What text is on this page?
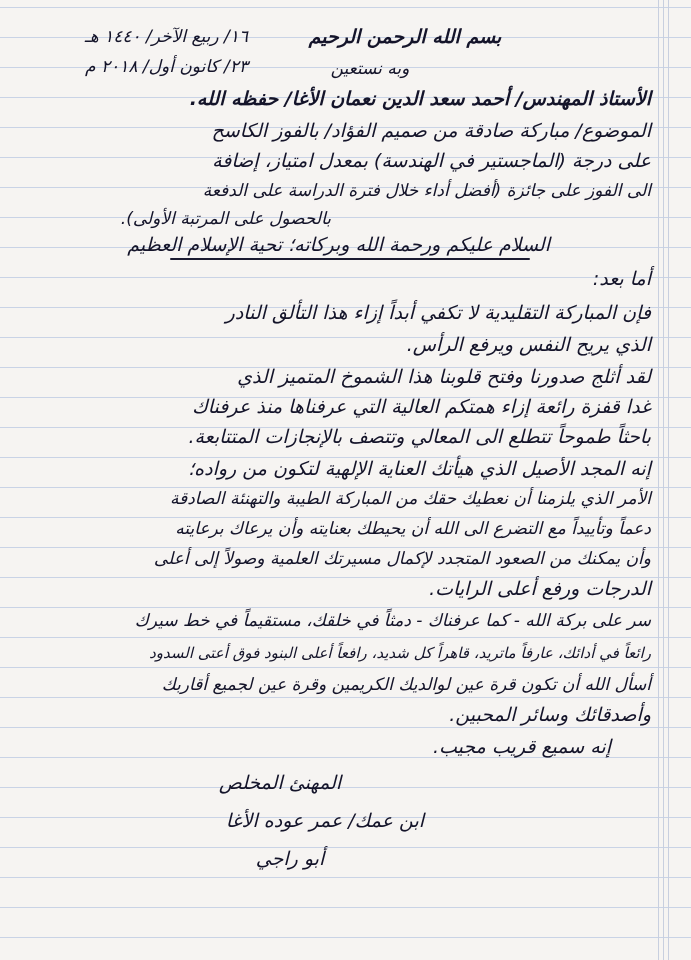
بسم الله الرحمن الرحيم
وبه نستعين
١٦/ ربيع الآخر/ ١٤٤٠ هـ
٢٣/ كانون أول/ ٢٠١٨ م
الأستاذ المهندس/ أحمد سعد الدين نعمان الأغا/ حفظه الله.
الموضوع/ مباركة صادقة من صميم الفؤاد/ بالفوز الكاسح
على درجة (الماجستير في الهندسة) بمعدل امتياز، إضافة
الى الفوز على جائزة (أفضل أداء خلال فترة الدراسة على الدفعة
بالحصول على المرتبة الأولى).
السلام عليكم ورحمة الله وبركاته؛ تحية الإسلام العظيم
أما بعد:
فإن المباركة التقليدية لا تكفي أبداً إزاء هذا التألق النادر
الذي يريح النفس ويرفع الرأس.
لقد أثلج صدورنا وفتح قلوبنا هذا الشموخ المتميز الذي
غدا قفزة رائعة إزاء همتكم العالية التي عرفناها منذ عرفناك
باحثاً طموحاً تتطلع الى المعالي وتتصف بالإنجازات المتتابعة.
إنه المجد الأصيل الذي هيأتك العناية الإلهية لتكون من رواده؛
الأمر الذي يلزمنا أن نعطيك حقك من المباركة الطيبة والتهنئة الصادقة
دعماً وتأييداً مع التضرع الى الله أن يحيطك بعنايته وأن يرعاك برعايته
وأن يمكنك من الصعود المتجدد لإكمال مسيرتك العلمية وصولاً إلى أعلى
الدرجات ورفع أعلى الرايات.
سر على بركة الله - كما عرفناك - دمثاً في خلقك، مستقيماً في خط سيرك
رائعاً في أدائك، عارفاً ماتريد، قاهراً كل شديد، رافعاً أعلى البنود فوق أعتى السدود
أسأل الله أن تكون قرة عين لوالديك الكريمين وقرة عين لجميع أقاربك
وأصدقائك وسائر المحبين.
إنه سميع قريب مجيب.
المهنئ المخلص
ابن عمك/ عمر عوده الأغا
أبو راجي
